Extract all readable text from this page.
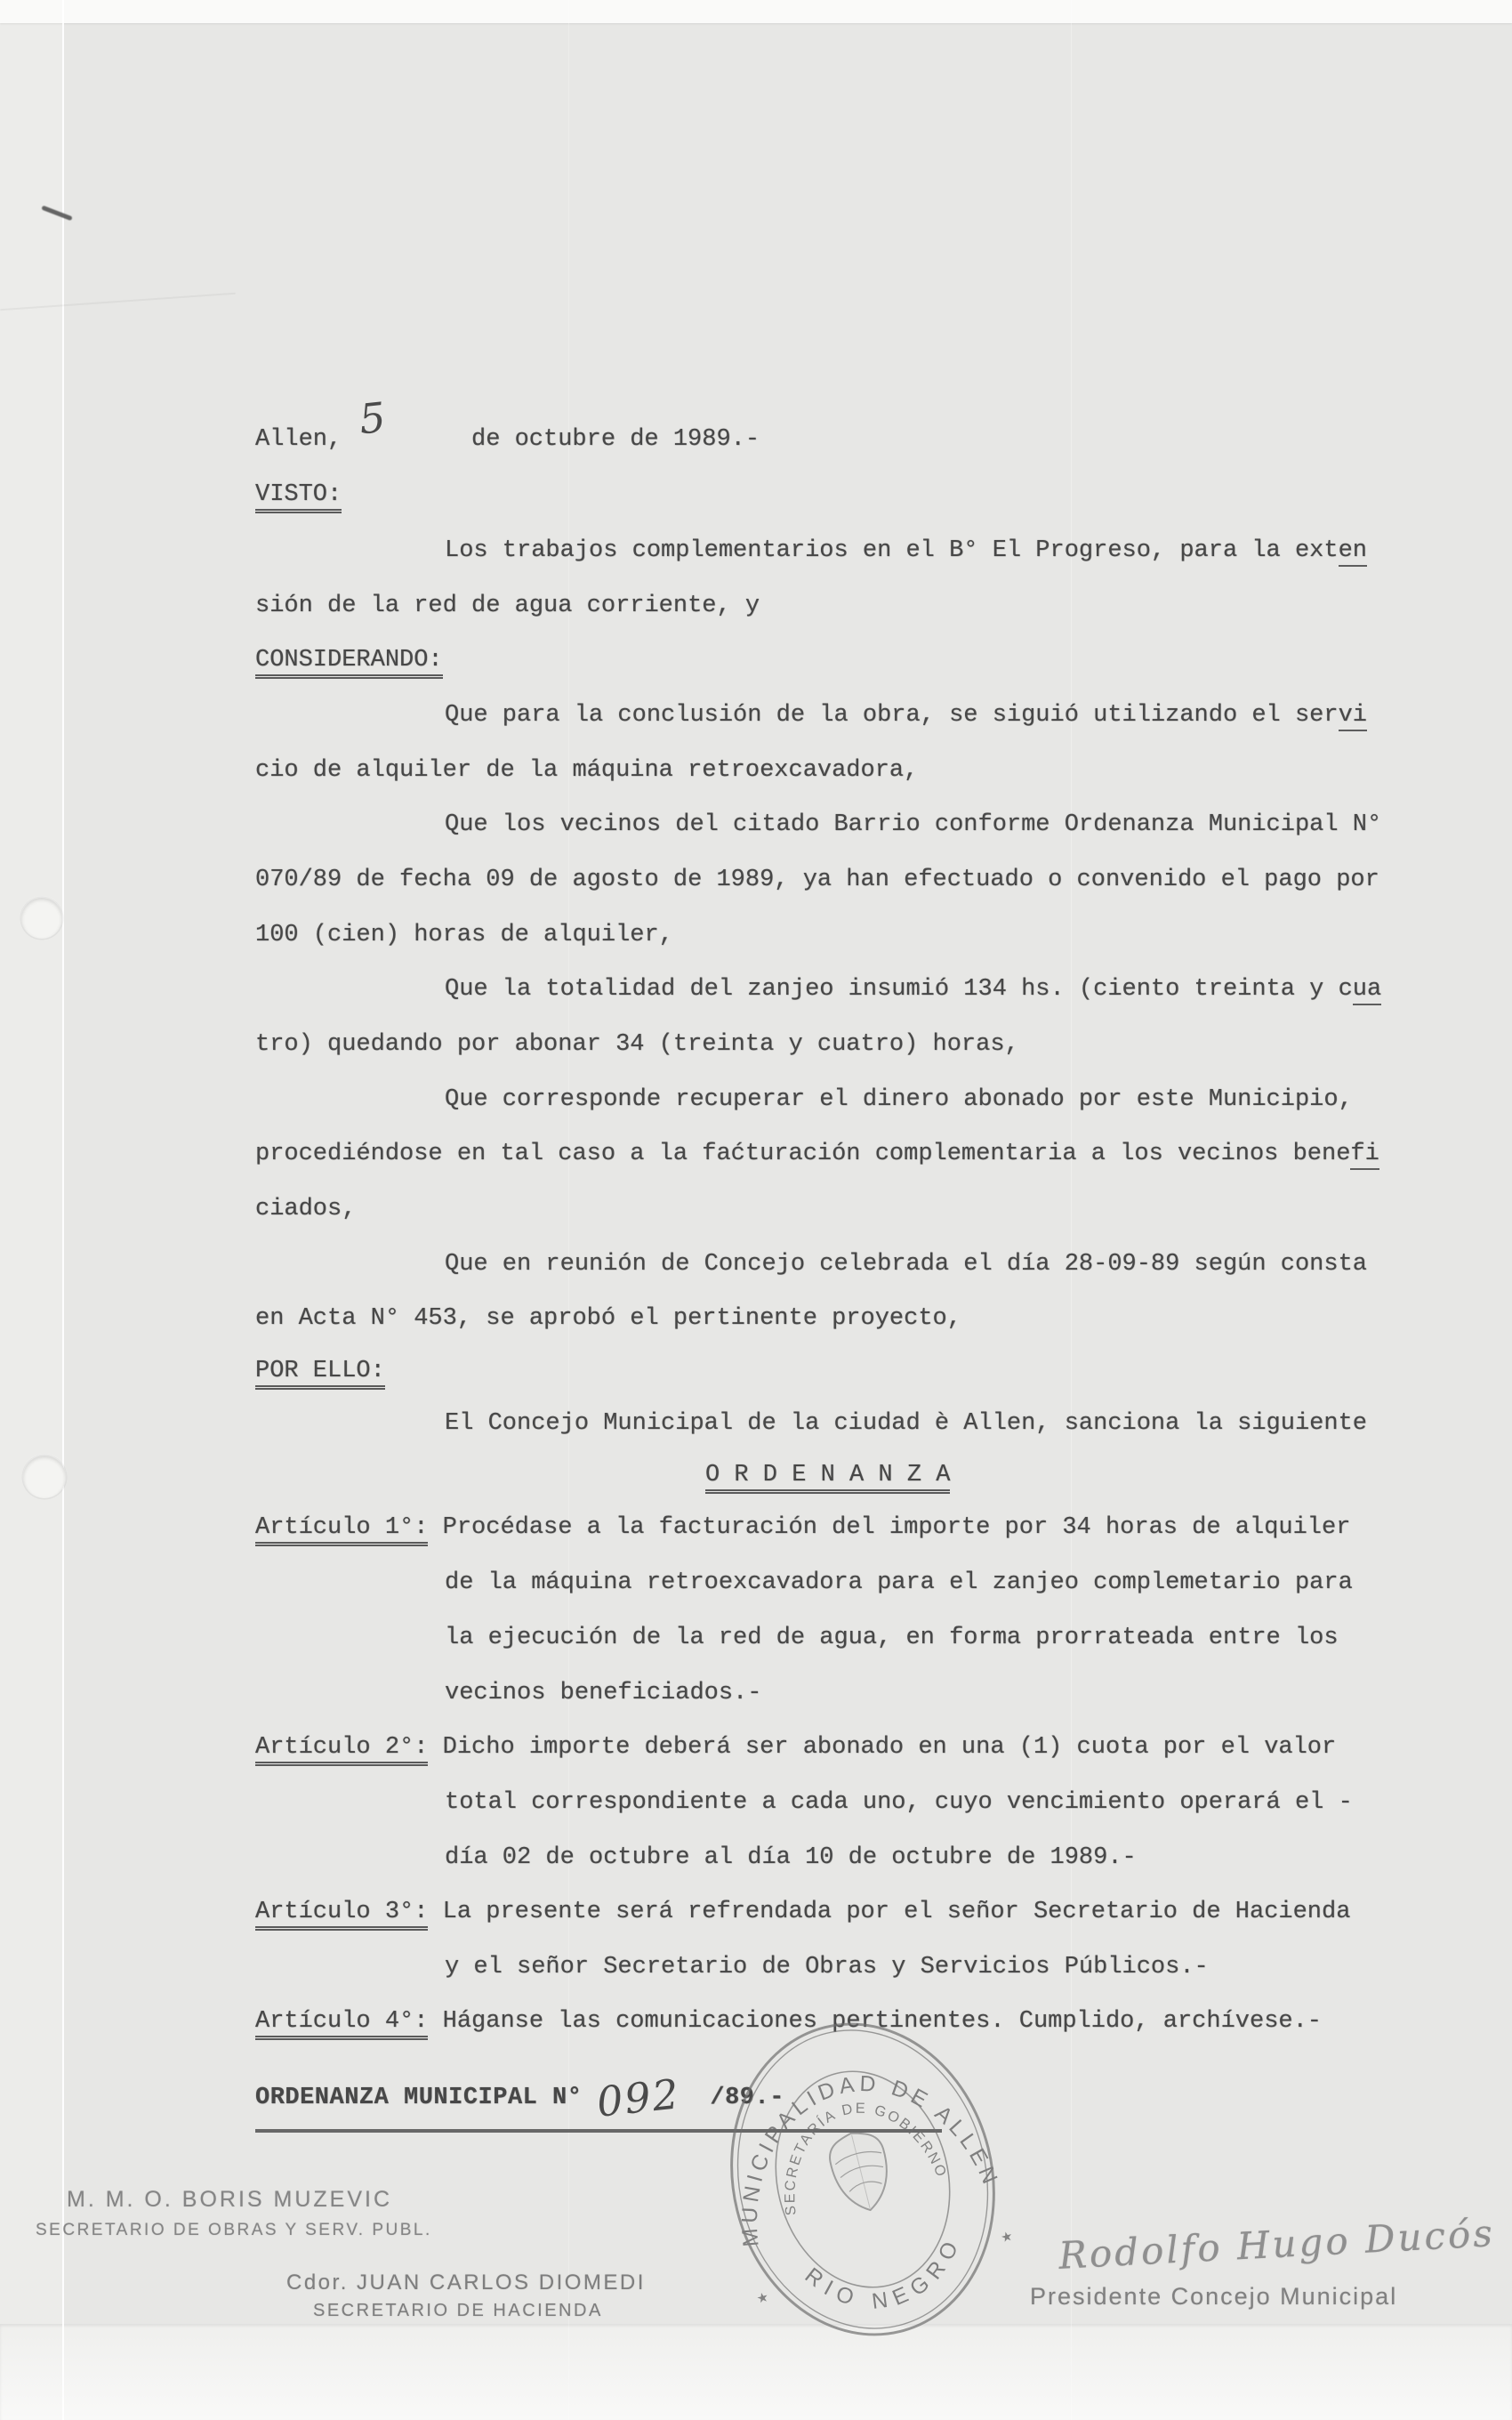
Allen, 5	de octubre de 1989.-
VISTO:
Los trabajos complementarios en el B° El Progreso, para la exten
sión de la red de agua corriente, y
CONSIDERANDO:
Que para la conclusión de la obra, se siguió utilizando el servi
cio de alquiler de la máquina retroexcavadora,
Que los vecinos del citado Barrio conforme Ordenanza Municipal N°
070/89 de fecha 09 de agosto de 1989, ya han efectuado o convenido el pago por
100 (cien) horas de alquiler,
Que la totalidad del zanjeo insumió 134 hs. (ciento treinta y cua
tro) quedando por abonar 34 (treinta y cuatro) horas,
Que corresponde recuperar el dinero abonado por este Municipio,
procediéndose en tal caso a la faćturación complementaria a los vecinos benefi
ciados,
Que en reunión de Concejo celebrada el día 28-09-89 según consta
en Acta N° 453, se aprobó el pertinente proyecto,
POR ELLO:
El Concejo Municipal de la ciudad è Allen, sanciona la siguiente
O R D E N A N Z A
Artículo 1°: Procédase a la facturación del importe por 34 horas de alquiler
de la máquina retroexcavadora para el zanjeo complemetario para
la ejecución de la red de agua, en forma prorrateada entre los
vecinos beneficiados.-
Artículo 2°: Dicho importe deberá ser abonado en una (1) cuota por el valor
total correspondiente a cada uno, cuyo vencimiento operará el -
día 02 de octubre al día 10 de octubre de 1989.-
Artículo 3°: La presente será refrendada por el señor Secretario de Hacienda
y el señor Secretario de Obras y Servicios Públicos.-
Artículo 4°: Háganse las comunicaciones pertinentes. Cumplido, archívese.-
ORDENANZA MUNICIPAL N° 092  /89.-
MUNICIPALIDAD DE ALLEN
RIO NEGRO
SECRETARÍA DE GOBIERNO
★
★
M. M. O. BORIS MUZEVIC
SECRETARIO DE OBRAS Y SERV. PUBL.
Cdor. JUAN CARLOS DIOMEDI
SECRETARIO DE HACIENDA
Rodolfo Hugo Ducós
Presidente Concejo Municipal
